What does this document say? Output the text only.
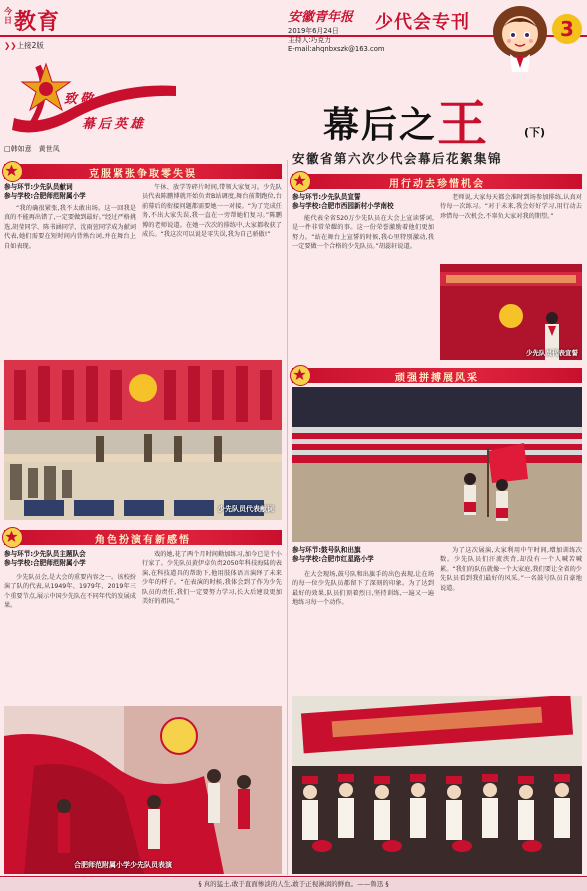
今日 教育
❯❯上接2版
安徽青年报 少代会专刊
2019年6月24日
主持人:巧克力
E-mail:ahqnbxszk@163.com
3
致敬
幕后英雄
□韩如意　黄世凤
幕后之王	(下)
安徽省第六次少代会幕后花絮集锦
克服紧张争取零失误
参与环节:少先队员献词
参与学校:合肥师范附属小学

“我的确很紧张,我不太敢出场。这一回我是真的不能再出错了,一定要做到最好。”经过严格挑选,胡莹同学、陈书涵同学、沈雨萱同学成为献词代表,她们需要在短时间内背熟台词,并在舞台上自如表现。

午休、放学等碎片时间,带领大家复习。少先队员代表陈鹏博就开始负责B站调度,舞台前期跑位,台前幕后的衔接问题都需要她一一对接。“为了完成任务,不出大家失误,我一直在一旁帮她们复习。”陈鹏博的老师说道。在她一次次的排练中,大家都收获了成长。“我这次可以说是零失误,我为自己骄傲!”

少先队员代表献词
角色扮演有新感悟
参与环节:少先队员主题队会
参与学校:合肥师范附属小学

少先队员会,是大会的重要内容之一。该校扮演了队的代表,从1949年、1979年、2019年三个重要节点,展示中国少先队在不同年代的发展成果。

戏的她,花了两个月时间勤加练习,加今已是个小行家了。少先队员黄伊卓负责2050年科技海陆的表演,在科技道具的帮助下,他用肢体语言演绎了未来少年的样子。“在表演的时候,我体会到了作为少先队员的责任,我们一定要努力学习,长大后建设更加美好的祖国。”

合肥师范附属小学少先队员表演
用行动去珍惜机会
参与环节:少先队员宣誓
参与学校:合肥市西园新村小学南校

能代表全省520万少先队员在大会上宣读誓词,是一件非常荣耀的事。这一份荣誉激励着他们更加努力。“站在舞台上宣誓的时候,我心里特别激动,我一定要做一个合格的少先队员。”胡蕊轩说道。

老师说,大家每天都会准时到场参加排练,认真对待每一次练习。“对于未来,我会好好学习,用行动去珍惜每一次机会,不辜负大家对我的期望。”

少先队员代表宣誓
顽强拼搏展风采
参与环节:鼓号队和出旗
参与学校:合肥市红星路小学

在大会现场,鼓号队和出旗手的出色表现,让在场的每一位少先队员都留下了深刻的印象。为了达到最好的效果,队员们顶着烈日,坚持训练,一遍又一遍地练习每一个动作。

为了这次展演,大家利用中午时间,增加训练次数。少先队员们汗流浃背,却没有一个人喊苦喊累。“我们的队伍就像一个大家庭,我们要让全省的少先队员看到我们最好的风采。”一名鼓号队员自豪地说道。

§ 真的猛士,敢于直面惨淡的人生,敢于正视淋漓的鲜血。——鲁迅 §
